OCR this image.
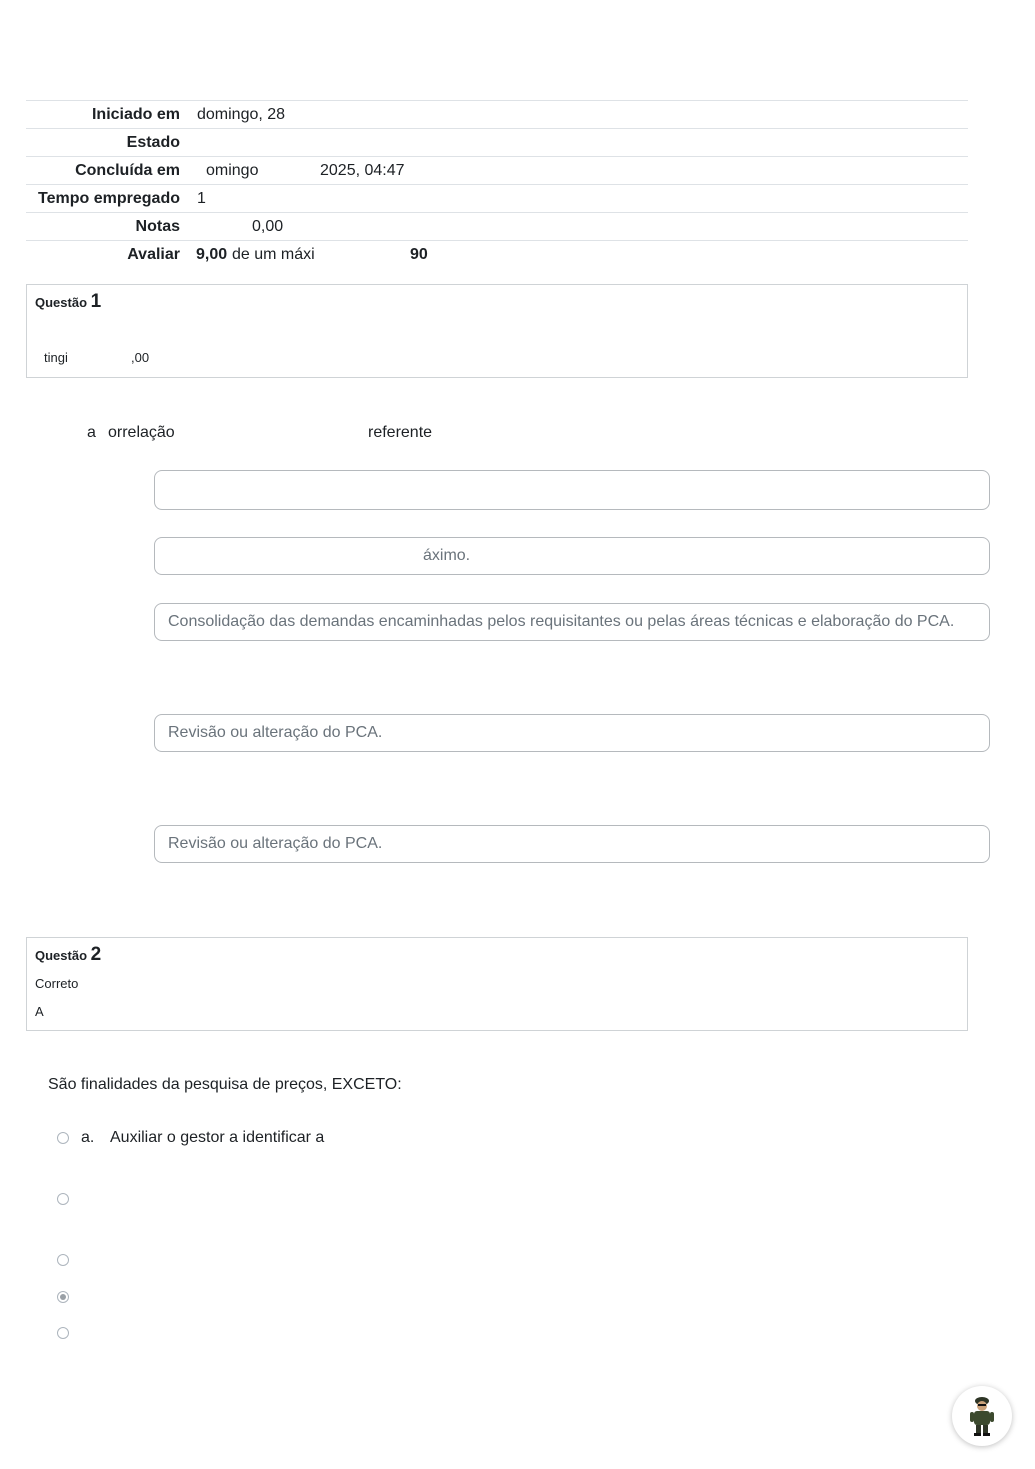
Iniciado em domingo, 28
Estado
Concluída em omingo	2025, 04:47
Tempo empregado 1
Notas	0,00
Avaliar 9,00 de um máxi	90
Questão 1
tingi	,00
a orrelação	referente
áximo.
Consolidação das demandas encaminhadas pelos requisitantes ou pelas áreas técnicas e elaboração do PCA.
Revisão ou alteração do PCA.
Revisão ou alteração do PCA.
Questão 2
Correto
A
São finalidades da pesquisa de preços, EXCETO:
a. Auxiliar o gestor a identificar a
